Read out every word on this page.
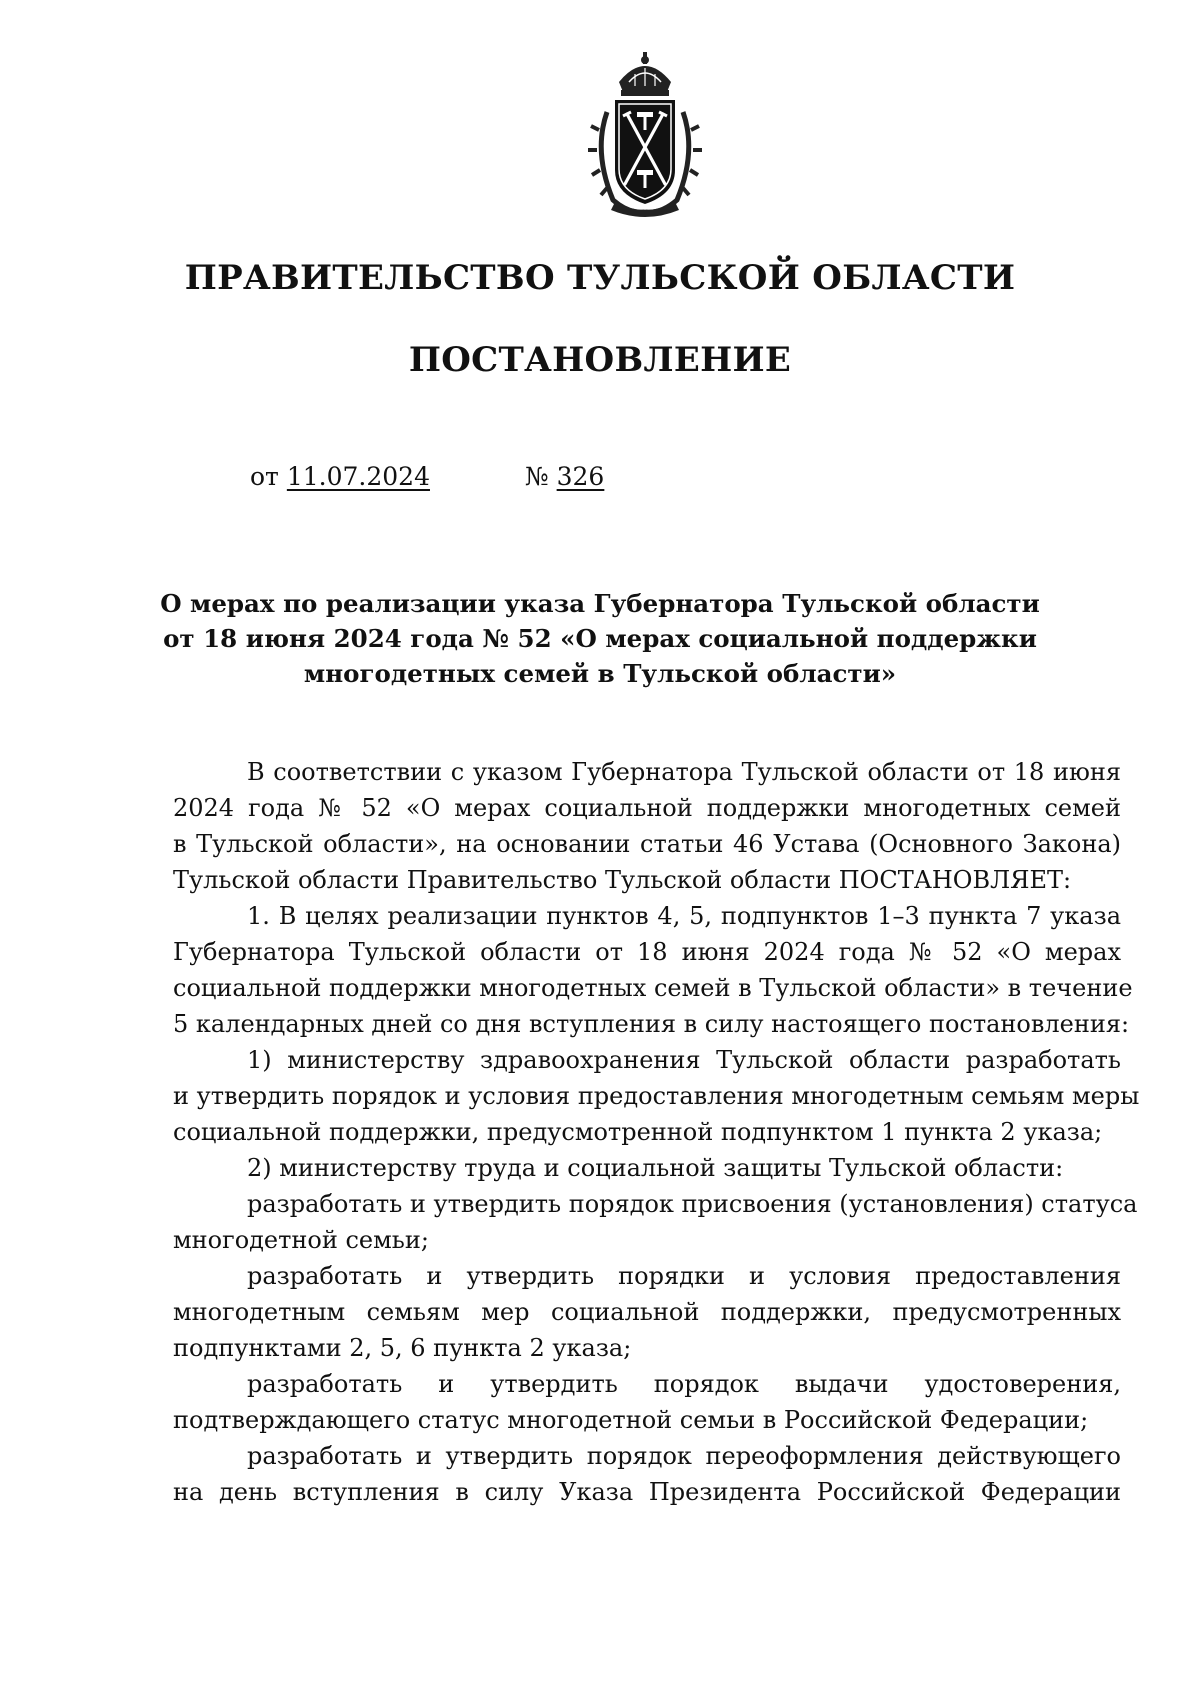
ПРАВИТЕЛЬСТВО ТУЛЬСКОЙ ОБЛАСТИ
ПОСТАНОВЛЕНИЕ
от 11.07.2024	№ 326
О мерах по реализации указа Губернатора Тульской области
от 18 июня 2024 года № 52 «О мерах социальной поддержки
многодетных семей в Тульской области»
В соответствии с указом Губернатора Тульской области от 18 июня
2024 года № 52 «О мерах социальной поддержки многодетных семей
в Тульской области», на основании статьи 46 Устава (Основного Закона)
Тульской области Правительство Тульской области ПОСТАНОВЛЯЕТ:
1. В целях реализации пунктов 4, 5, подпунктов 1–3 пункта 7 указа
Губернатора Тульской области от 18 июня 2024 года № 52 «О мерах
социальной поддержки многодетных семей в Тульской области» в течение
5 календарных дней со дня вступления в силу настоящего постановления:
1) министерству здравоохранения Тульской области разработать
и утвердить порядок и условия предоставления многодетным семьям меры
социальной поддержки, предусмотренной подпунктом 1 пункта 2 указа;
2) министерству труда и социальной защиты Тульской области:
разработать и утвердить порядок присвоения (установления) статуса
многодетной семьи;
разработать и утвердить порядки и условия предоставления
многодетным семьям мер социальной поддержки, предусмотренных
подпунктами 2, 5, 6 пункта 2 указа;
разработать и утвердить порядок выдачи удостоверения,
подтверждающего статус многодетной семьи в Российской Федерации;
разработать и утвердить порядок переоформления действующего
на день вступления в силу Указа Президента Российской Федерации
